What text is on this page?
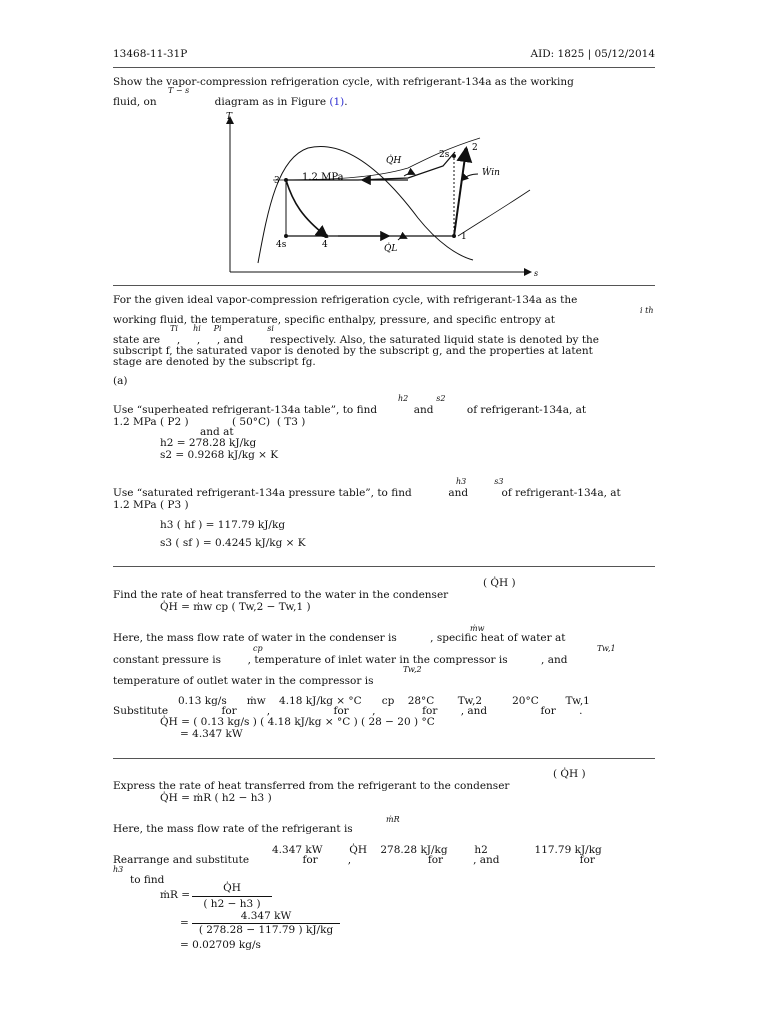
13468-11-31P	AID: 1825 | 05/12/2014
Show the vapor-compression refrigeration cycle, with refrigerant-134a as the working
T − s
fluid, on	diagram as in Figure (1).
T
s
1.2 MPa
3
4s	4
1
2s
2
Q̇H
Q̇L
Ẇin
For the given ideal vapor-compression refrigeration cycle, with refrigerant-134a as the
i th
working fluid, the temperature, specific enthalpy, pressure, and specific entropy at
Ti      hi     Pi                  si
state are     ,     ,     , and        respectively. Also, the saturated liquid state is denoted by the
subscript f, the saturated vapor is denoted by the subscript g, and the properties at latent
stage are denoted by the subscript fg.
(a)
h2           s2
Use “superheated refrigerant-134a table”, to find           and          of refrigerant-134a, at
1.2 MPa ( P2 )             ( 50°C)  ( T3 )
and at
h2 = 278.28 kJ/kg
s2 = 0.9268 kJ/kg × K
h3           s3
Use “saturated refrigerant-134a pressure table”, to find           and          of refrigerant-134a, at
1.2 MPa ( P3 )
h3 ( hf ) = 117.79 kJ/kg
s3 ( sf ) = 0.4245 kJ/kg × K
( Q̇H )
Find the rate of heat transferred to the water in the condenser
Q̇H = ṁw cp ( Tw,2 − Tw,1 )
ṁw
Here, the mass flow rate of water in the condenser is          , specific heat of water at
cp	Tw,1
constant pressure is        , temperature of inlet water in the compressor is          , and
Tw,2
temperature of outlet water in the compressor is
0.13 kg/s      ṁw    4.18 kJ/kg × °C      cp    28°C       Tw,2         20°C        Tw,1
Substitute                for         ,                   for       ,              for       , and                for       .
Q̇H = ( 0.13 kg/s ) ( 4.18 kJ/kg × °C ) ( 28 − 20 ) °C
= 4.347 kW
( Q̇H )
Express the rate of heat transferred from the refrigerant to the condenser
Q̇H = ṁR ( h2 − h3 )
ṁR
Here, the mass flow rate of the refrigerant is
4.347 kW        Q̇H    278.28 kJ/kg        h2              117.79 kJ/kg
Rearrange and substitute                for         ,                       for         , and                        for
h3
to find
ṁR =
Q̇H
( h2 − h3 )
=
4.347 kW
( 278.28 − 117.79 ) kJ/kg
= 0.02709 kg/s
